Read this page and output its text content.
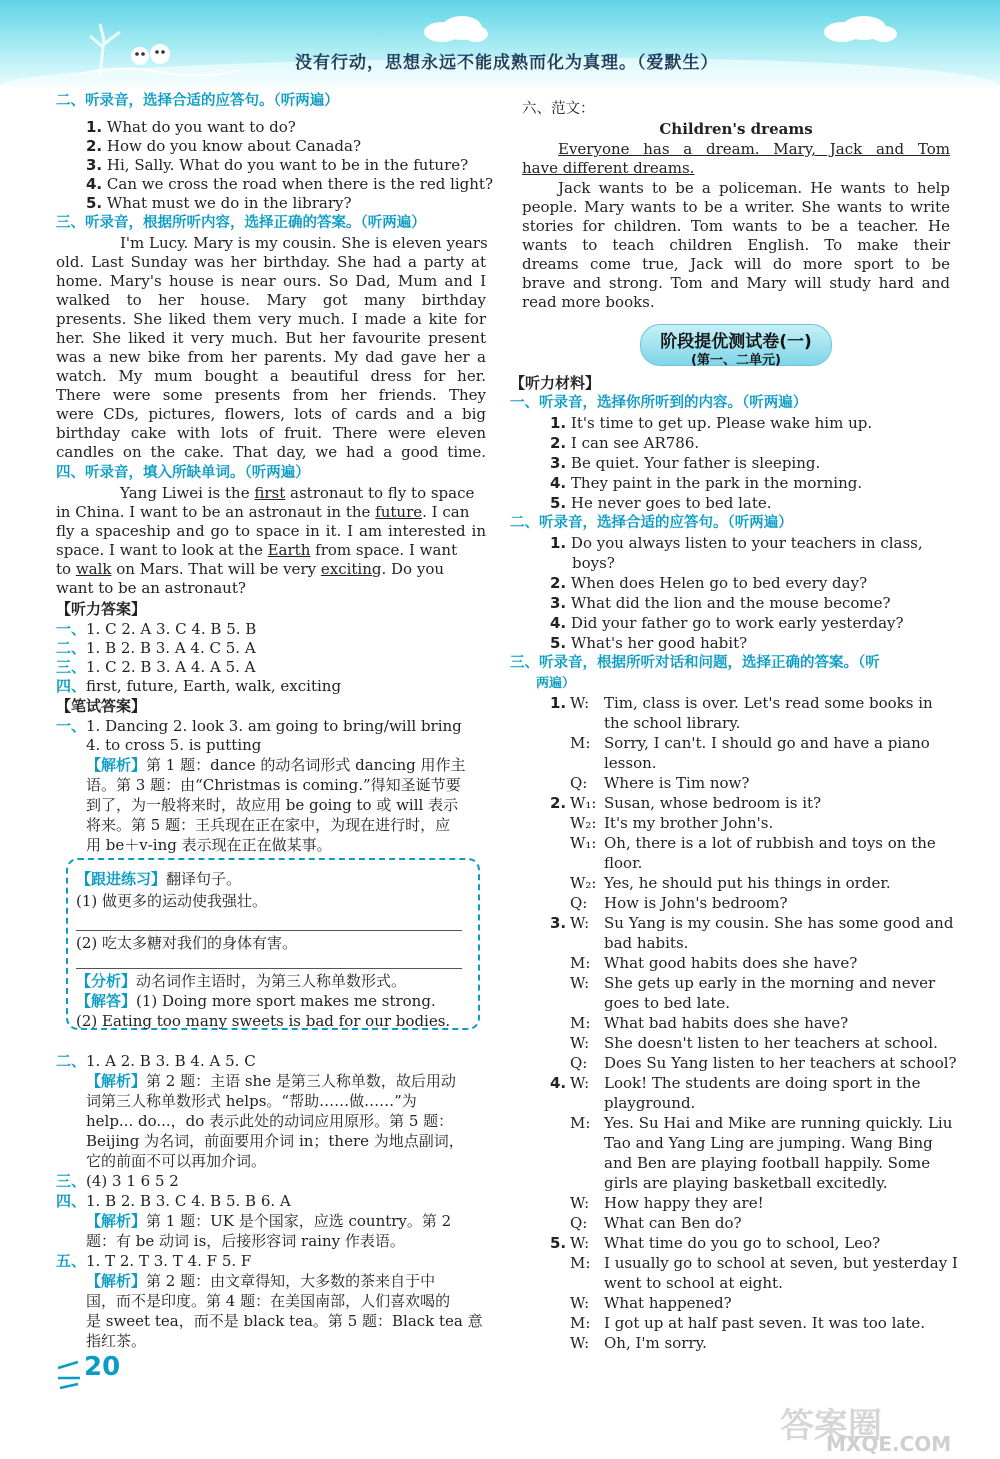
没有行动，思想永远不能成熟而化为真理。（爱默生）
二、听录音，选择合适的应答句。（听两遍）
1. What do you want to do?
2. How do you know about Canada?
3. Hi, Sally. What do you want to be in the future?
4. Can we cross the road when there is the red light?
5. What must we do in the library?
三、听录音，根据所听内容，选择正确的答案。（听两遍）
I'm Lucy. Mary is my cousin. She is eleven years
old. Last Sunday was her birthday. She had a party at
home. Mary's house is near ours. So Dad, Mum and I
walked to her house. Mary got many birthday
presents. She liked them very much. I made a kite for
her. She liked it very much. But her favourite present
was a new bike from her parents. My dad gave her a
watch. My mum bought a beautiful dress for her.
There were some presents from her friends. They
were CDs, pictures, flowers, lots of cards and a big
birthday cake with lots of fruit. There were eleven
candles on the cake. That day, we had a good time.
四、听录音，填入所缺单词。（听两遍）
Yang Liwei is the first astronaut to fly to space
in China. I want to be an astronaut in the future. I can
fly a spaceship and go to space in it. I am interested in
space. I want to look at the Earth from space. I want
to walk on Mars. That will be very exciting. Do you
want to be an astronaut?
【听力答案】
一、1. C 2. A 3. C 4. B 5. B
二、1. B 2. B 3. A 4. C 5. A
三、1. C 2. B 3. A 4. A 5. A
四、first, future, Earth, walk, exciting
【笔试答案】
一、1. Dancing 2. look 3. am going to bring/will bring
4. to cross 5. is putting
【解析】第 1 题：dance 的动名词形式 dancing 用作主
语。第 3 题：由“Christmas is coming.”得知圣诞节要
到了，为一般将来时，故应用 be going to 或 will 表示
将来。第 5 题：王兵现在正在家中，为现在进行时，应
用 be＋v-ing 表示现在正在做某事。
【跟进练习】翻译句子。
(1) 做更多的运动使我强壮。
(2) 吃太多糖对我们的身体有害。
【分析】动名词作主语时，为第三人称单数形式。
【解答】(1) Doing more sport makes me strong.
(2) Eating too many sweets is bad for our bodies.
二、1. A 2. B 3. B 4. A 5. C
【解析】第 2 题：主语 she 是第三人称单数，故后用动
词第三人称单数形式 helps。“帮助……做……”为
help... do...，do 表示此处的动词应用原形。第 5 题：
Beijing 为名词，前面要用介词 in；there 为地点副词，
它的前面不可以再加介词。
三、(4) 3 1 6 5 2
四、1. B 2. B 3. C 4. B 5. B 6. A
【解析】第 1 题：UK 是个国家，应选 country。第 2
题：有 be 动词 is，后接形容词 rainy 作表语。
五、1. T 2. T 3. T 4. F 5. F
【解析】第 2 题：由文章得知，大多数的茶来自于中
国，而不是印度。第 4 题：在美国南部，人们喜欢喝的
是 sweet tea，而不是 black tea。第 5 题：Black tea 意
指红茶。
六、范文：
Children's dreams
Everyone has a dream. Mary, Jack and Tom
have different dreams.
Jack wants to be a policeman. He wants to help
people. Mary wants to be a writer. She wants to write
stories for children. Tom wants to be a teacher. He
wants to teach children English. To make their
dreams come true, Jack will do more sport to be
brave and strong. Tom and Mary will study hard and
read more books.
阶段提优测试卷(一)
(第一、二单元)
【听力材料】
一、听录音，选择你所听到的内容。（听两遍）
1. It's time to get up. Please wake him up.
2. I can see AR786.
3. Be quiet. Your father is sleeping.
4. They paint in the park in the morning.
5. He never goes to bed late.
二、听录音，选择合适的应答句。（听两遍）
1. Do you always listen to your teachers in class,
boys?
2. When does Helen go to bed every day?
3. What did the lion and the mouse become?
4. Did your father go to work early yesterday?
5. What's her good habit?
三、听录音，根据所听对话和问题，选择正确的答案。（听
两遍）
1. W: Tim, class is over. Let's read some books in
the school library.
M: Sorry, I can't. I should go and have a piano
lesson.
Q: Where is Tim now?
2. W₁: Susan, whose bedroom is it?
W₂: It's my brother John's.
W₁: Oh, there is a lot of rubbish and toys on the
floor.
W₂: Yes, he should put his things in order.
Q: How is John's bedroom?
3. W: Su Yang is my cousin. She has some good and
bad habits.
M: What good habits does she have?
W: She gets up early in the morning and never
goes to bed late.
M: What bad habits does she have?
W: She doesn't listen to her teachers at school.
Q: Does Su Yang listen to her teachers at school?
4. W: Look! The students are doing sport in the
playground.
M: Yes. Su Hai and Mike are running quickly. Liu
Tao and Yang Ling are jumping. Wang Bing
and Ben are playing football happily. Some
girls are playing basketball excitedly.
W: How happy they are!
Q: What can Ben do?
5. W: What time do you go to school, Leo?
M: I usually go to school at seven, but yesterday I
went to school at eight.
W: What happened?
M: I got up at half past seven. It was too late.
W: Oh, I'm sorry.
20
答案圈
MXQE.COM
